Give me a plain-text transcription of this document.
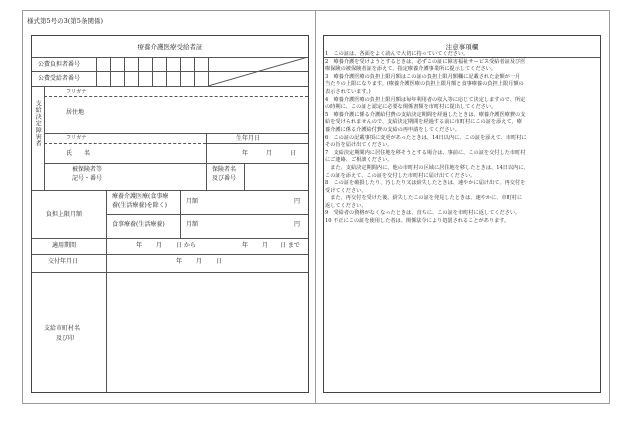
様式第5号の3(第5条関係)
療養介護医療受給者証
公費負担者番号
公費受給者番号
支給決定障害者
フリガナ
居住地
フリガナ	生年月日
氏　　名	年	月	日
被保険者等
記号・番号
保険者名
及び番号
負担上限月額
療養介護医療(食事療
養(生活療養)を除く)
月額	円
食事療養(生活療養)	月額	円
適用期間	年 月 日 から	年 月 日 まで
交付年月日	年 月 日
支給市町村名
及び印
注意事項欄
1　この証は、各面をよく読んで大切に持っていてください。
2　療養介護を受けようとするときは、必ずこの証に障害福祉サービス受給者証及び医
療保険の被保険者証を添えて、指定療養介護事業所に提示してください。
3　療養介護医療の負担上限月額はこの証の負担上限月額欄に記載された金額が一月
当たりの上限になります。(療養介護医療の負担上限月額と食事療養の負担上限月額の
表示されています。)
4　療養介護医療の負担上限月額は毎年利用者の収入等に応じて決定しますので、所定
の時期に、この証と認定に必要な関係書類を市町村に提出してください。
5　療養介護に係る介護給付費の支給決定期間を経過したときは、療養介護医療費の支
給を受けられませんので、支給決定期間を経過する前に市町村にこの証を添えて、療
養介護に係る介護給付費の支給の再申請をしてください。
6　この証の記載事項に変更があったときは、14日以内に、この証を添えて、市町村に
その旨を届け出てください。
7　支給決定期間内に居住地を移そうとする場合は、事前に、この証を交付した市町村
にご連絡、ご相談ください。
　また、支給決定期間内に、他の市町村の区域に居住地を移したときは、14日以内に、
この証を添えて、この証を交付した市町村に届け出てください。
8　この証を破損したり、汚したり又は紛失したときは、速やかに届け出て、再交付を
受けてください。
　また、再交付を受けた後、紛失したこの証を発見したときは、速やかに、市町村に
返してください。
9　受給者の資格がなくなったときは、直ちに、この証を市町村に返してください。
10 不正にこの証を使用した者は、関係法令により処罰されることがあります。
